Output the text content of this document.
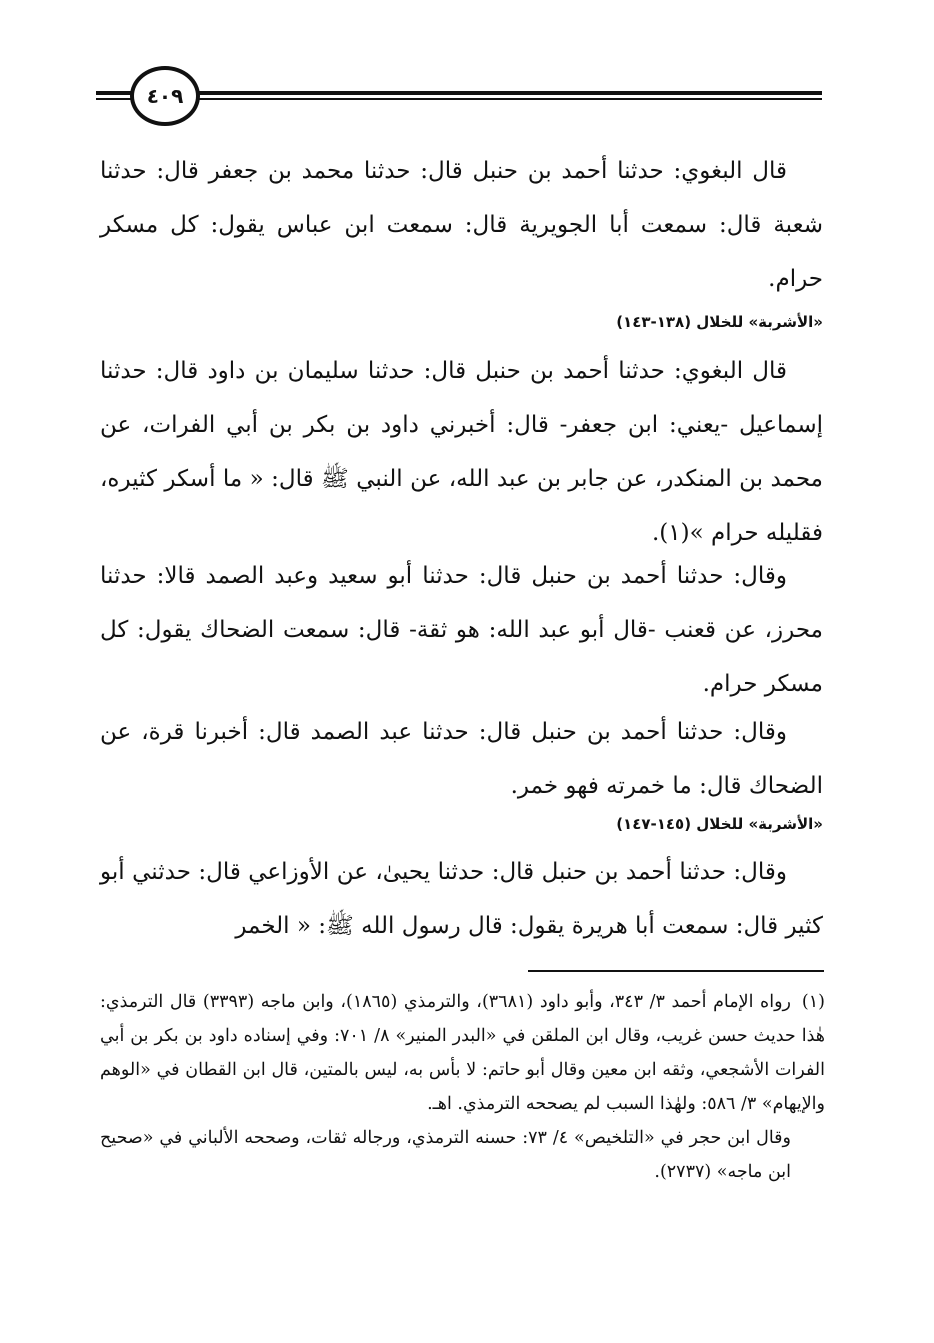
٤٠٩

قال البغوي: حدثنا أحمد بن حنبل قال: حدثنا محمد بن جعفر قال: حدثنا شعبة قال: سمعت أبا الجويرية قال: سمعت ابن عباس يقول: كل مسكر حرام.

«الأشربة» للخلال (١٣٨-١٤٣)

قال البغوي: حدثنا أحمد بن حنبل قال: حدثنا سليمان بن داود قال: حدثنا إسماعيل -يعني: ابن جعفر- قال: أخبرني داود بن بكر بن أبي الفرات، عن محمد بن المنكدر، عن جابر بن عبد الله، عن النبي ﷺ قال: « ما أسكر كثيره، فقليله حرام »(١).

وقال: حدثنا أحمد بن حنبل قال: حدثنا أبو سعيد وعبد الصمد قالا: حدثنا محرز، عن قعنب -قال أبو عبد الله: هو ثقة- قال: سمعت الضحاك يقول: كل مسكر حرام.

وقال: حدثنا أحمد بن حنبل قال: حدثنا عبد الصمد قال: أخبرنا قرة، عن الضحاك قال: ما خمرته فهو خمر.

«الأشربة» للخلال (١٤٥-١٤٧)

وقال: حدثنا أحمد بن حنبل قال: حدثنا يحيىٰ، عن الأوزاعي قال: حدثني أبو كثير قال: سمعت أبا هريرة يقول: قال رسول الله ﷺ: « الخمر

(١)رواه الإمام أحمد ٣/ ٣٤٣، وأبو داود (٣٦٨١)، والترمذي (١٨٦٥)، وابن ماجه (٣٣٩٣) قال الترمذي: هٰذا حديث حسن غريب، وقال ابن الملقن في «البدر المنير» ٨/ ٧٠١: وفي إسناده داود بن بكر بن أبي الفرات الأشجعي، وثقه ابن معين وقال أبو حاتم: لا بأس به، ليس بالمتين، قال ابن القطان في «الوهم والإيهام» ٣/ ٥٨٦: ولهٰذا السبب لم يصححه الترمذي. اهـ.

وقال ابن حجر في «التلخيص» ٤/ ٧٣: حسنه الترمذي، ورجاله ثقات، وصححه الألباني في «صحيح ابن ماجه» (٢٧٣٧).
